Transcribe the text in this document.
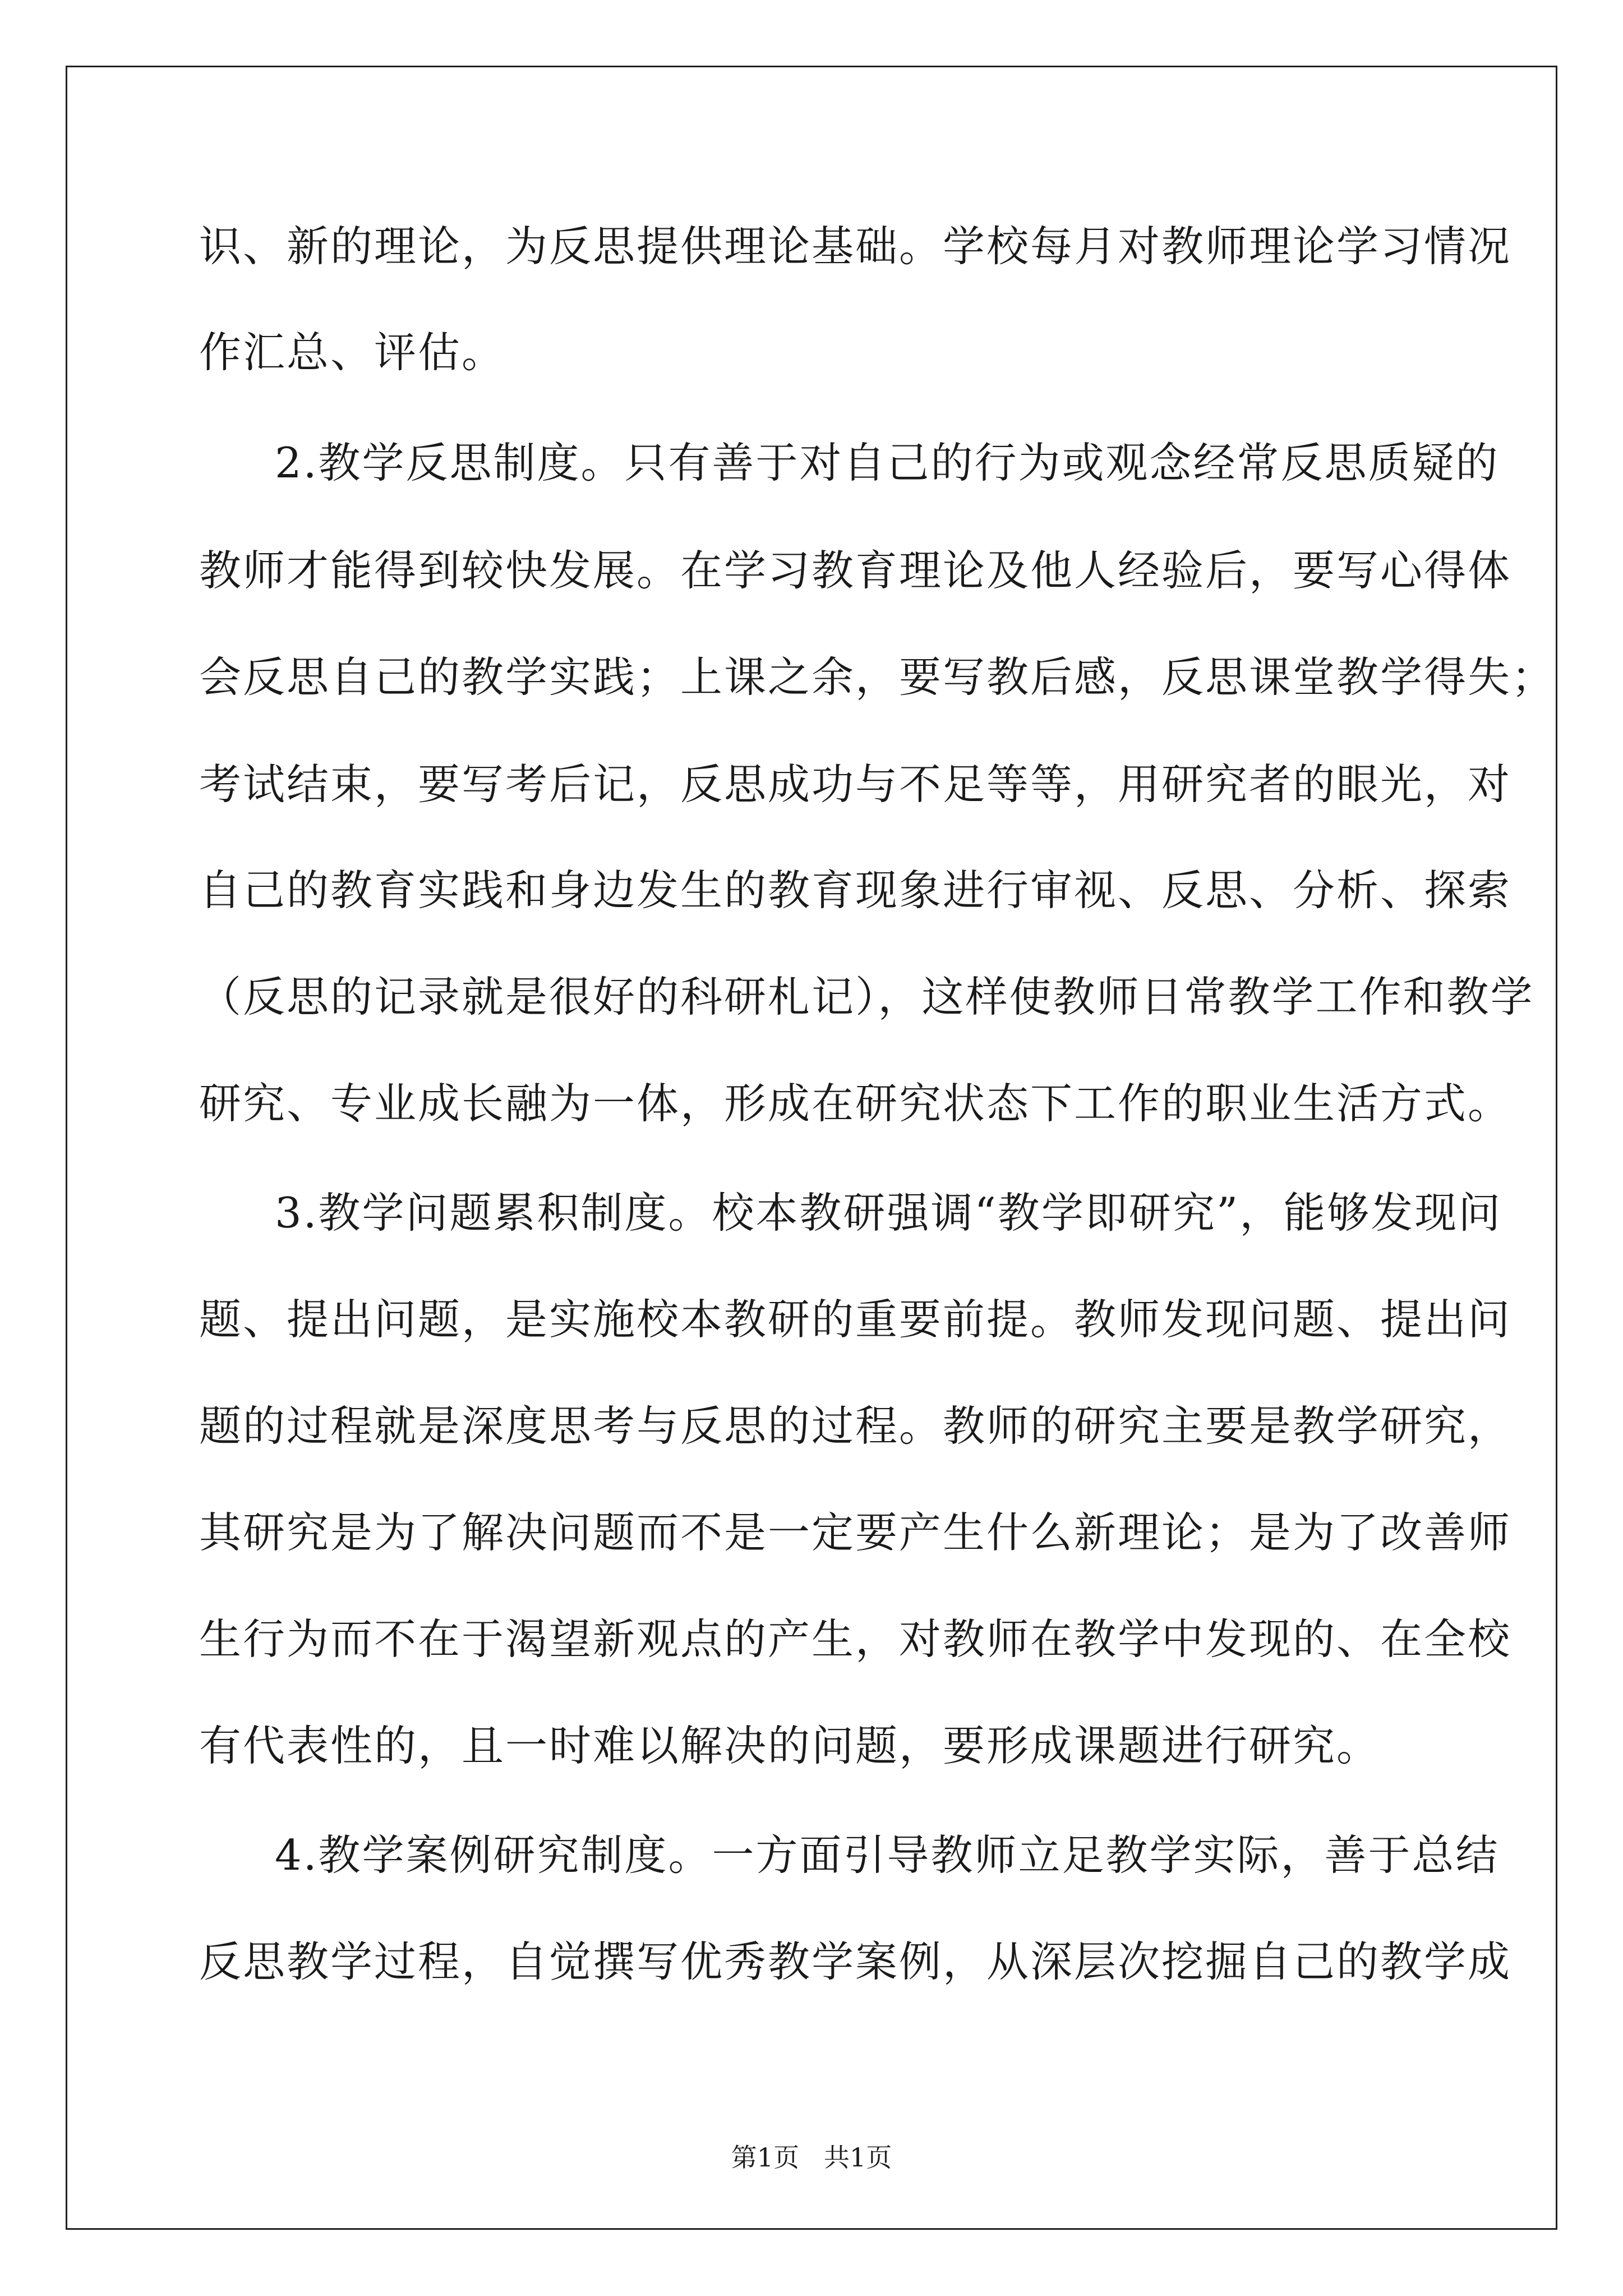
识、新的理论，为反思提供理论基础。学校每月对教师理论学习情况
作汇总、评估。
2.教学反思制度。只有善于对自己的行为或观念经常反思质疑的
教师才能得到较快发展。在学习教育理论及他人经验后，要写心得体
会反思自己的教学实践；上课之余，要写教后感，反思课堂教学得失；
考试结束，要写考后记，反思成功与不足等等，用研究者的眼光，对
自己的教育实践和身边发生的教育现象进行审视、反思、分析、探索
（反思的记录就是很好的科研札记），这样使教师日常教学工作和教学
研究、专业成长融为一体，形成在研究状态下工作的职业生活方式。
3.教学问题累积制度。校本教研强调“教学即研究”，能够发现问
题、提出问题，是实施校本教研的重要前提。教师发现问题、提出问
题的过程就是深度思考与反思的过程。教师的研究主要是教学研究，
其研究是为了解决问题而不是一定要产生什么新理论；是为了改善师
生行为而不在于渴望新观点的产生，对教师在教学中发现的、在全校
有代表性的，且一时难以解决的问题，要形成课题进行研究。
4.教学案例研究制度。一方面引导教师立足教学实际，善于总结
反思教学过程，自觉撰写优秀教学案例，从深层次挖掘自己的教学成
第1页   共1页
